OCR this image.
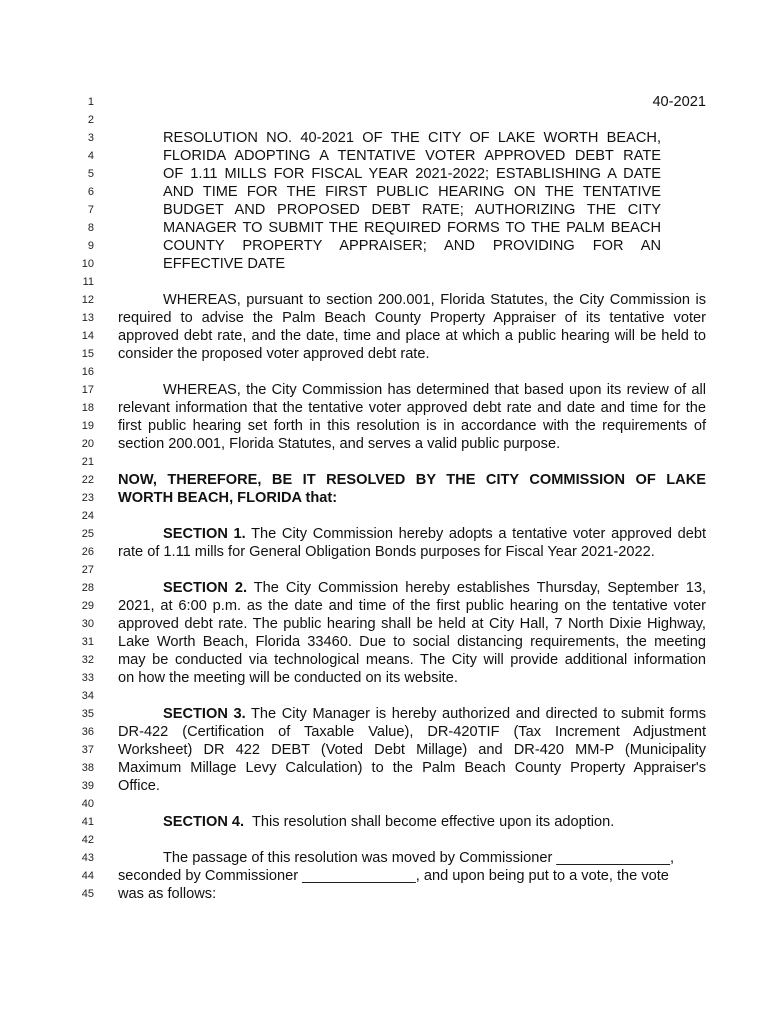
1	40-2021
2
3	RESOLUTION NO. 40-2021 OF THE CITY OF LAKE WORTH BEACH,
4	FLORIDA ADOPTING A TENTATIVE VOTER APPROVED DEBT RATE
5	OF 1.11 MILLS FOR FISCAL YEAR 2021-2022; ESTABLISHING A DATE
6	AND TIME FOR THE FIRST PUBLIC HEARING ON THE TENTATIVE
7	BUDGET AND PROPOSED DEBT RATE; AUTHORIZING THE CITY
8	MANAGER TO SUBMIT THE REQUIRED FORMS TO THE PALM BEACH
9	COUNTY PROPERTY APPRAISER; AND PROVIDING FOR AN
10	EFFECTIVE DATE
11
12	WHEREAS, pursuant to section 200.001, Florida Statutes, the City Commission is
13 required to advise the Palm Beach County Property Appraiser of its tentative voter
14 approved debt rate, and the date, time and place at which a public hearing will be held to
15 consider the proposed voter approved debt rate.
16
17	WHEREAS, the City Commission has determined that based upon its review of all
18 relevant information that the tentative voter approved debt rate and date and time for the
19 first public hearing set forth in this resolution is in accordance with the requirements of
20 section 200.001, Florida Statutes, and serves a valid public purpose.
21
22 NOW, THEREFORE, BE IT RESOLVED BY THE CITY COMMISSION OF LAKE
23 WORTH BEACH, FLORIDA that:
24
25	SECTION 1. The City Commission hereby adopts a tentative voter approved debt
26 rate of 1.11 mills for General Obligation Bonds purposes for Fiscal Year 2021-2022.
27
28	SECTION 2. The City Commission hereby establishes Thursday, September 13,
29 2021, at 6:00 p.m. as the date and time of the first public hearing on the tentative voter
30 approved debt rate. The public hearing shall be held at City Hall, 7 North Dixie Highway,
31 Lake Worth Beach, Florida 33460. Due to social distancing requirements, the meeting
32 may be conducted via technological means. The City will provide additional information
33 on how the meeting will be conducted on its website.
34
35	SECTION 3. The City Manager is hereby authorized and directed to submit forms
36 DR-422 (Certification of Taxable Value), DR-420TIF (Tax Increment Adjustment
37 Worksheet) DR 422 DEBT (Voted Debt Millage) and DR-420 MM-P (Municipality
38 Maximum Millage Levy Calculation) to the Palm Beach County Property Appraiser's
39 Office.
40
41	SECTION 4.  This resolution shall become effective upon its adoption.
42
43	The passage of this resolution was moved by Commissioner ______________,
44 seconded by Commissioner ______________, and upon being put to a vote, the vote
45 was as follows:
